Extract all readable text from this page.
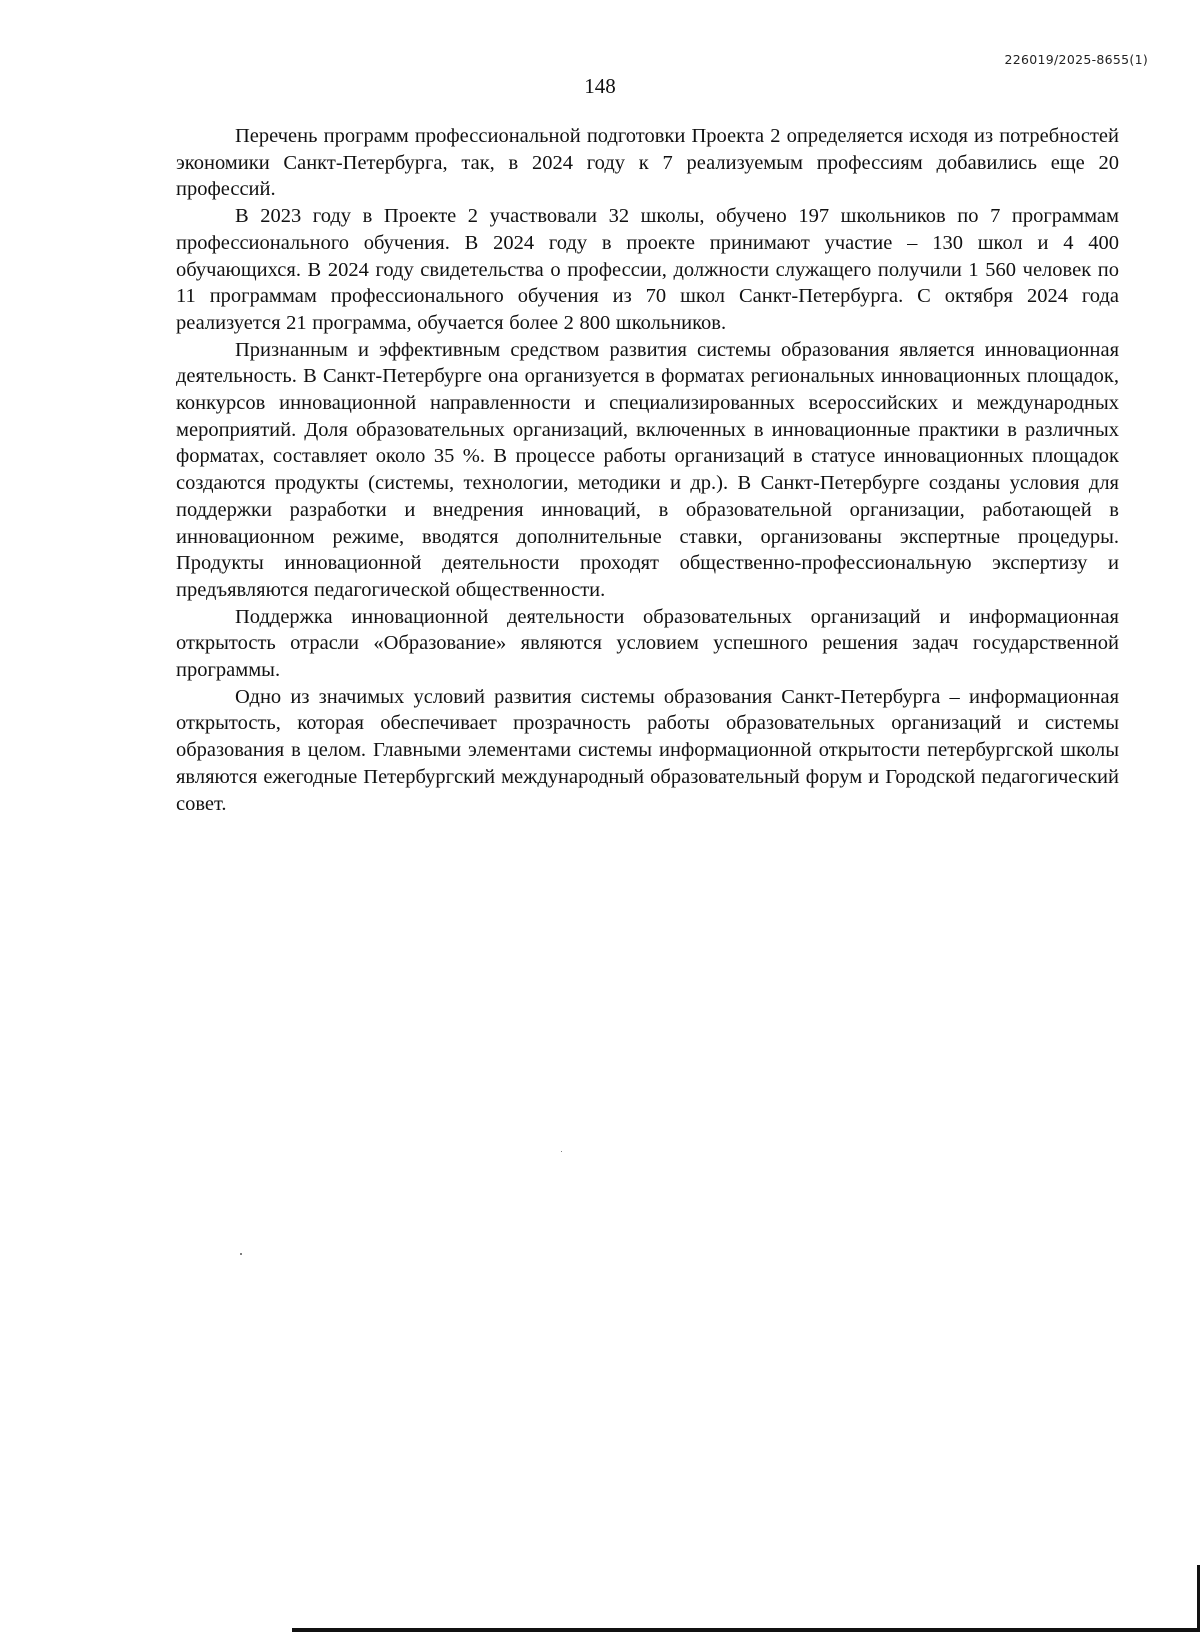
226019/2025-8655(1)
148

Перечень программ профессиональной подготовки Проекта 2 определяется исходя из потребностей экономики Санкт-Петербурга, так, в 2024 году к 7 реализуемым профессиям добавились еще 20 профессий.

В 2023 году в Проекте 2 участвовали 32 школы, обучено 197 школьников по 7 программам профессионального обучения. В 2024 году в проекте принимают участие – 130 школ и 4 400 обучающихся. В 2024 году свидетельства о профессии, должности служащего получили 1 560 человек по 11 программам профессионального обучения из 70 школ Санкт-Петербурга. С октября 2024 года реализуется 21 программа, обучается более 2 800 школьников.

Признанным и эффективным средством развития системы образования является инновационная деятельность. В Санкт-Петербурге она организуется в форматах региональных инновационных площадок, конкурсов инновационной направленности и специализированных всероссийских и международных мероприятий. Доля образовательных организаций, включенных в инновационные практики в различных форматах, составляет около 35 %. В процессе работы организаций в статусе инновационных площадок создаются продукты (системы, технологии, методики и др.). В Санкт-Петербурге созданы условия для поддержки разработки и внедрения инноваций, в образовательной организации, работающей в инновационном режиме, вводятся дополнительные ставки, организованы экспертные процедуры. Продукты инновационной деятельности проходят общественно-профессиональную экспертизу и предъявляются педагогической общественности.

Поддержка инновационной деятельности образовательных организаций и информационная открытость отрасли «Образование» являются условием успешного решения задач государственной программы.

Одно из значимых условий развития системы образования Санкт-Петербурга – информационная открытость, которая обеспечивает прозрачность работы образовательных организаций и системы образования в целом. Главными элементами системы информационной открытости петербургской школы являются ежегодные Петербургский международный образовательный форум и Городской педагогический совет.
